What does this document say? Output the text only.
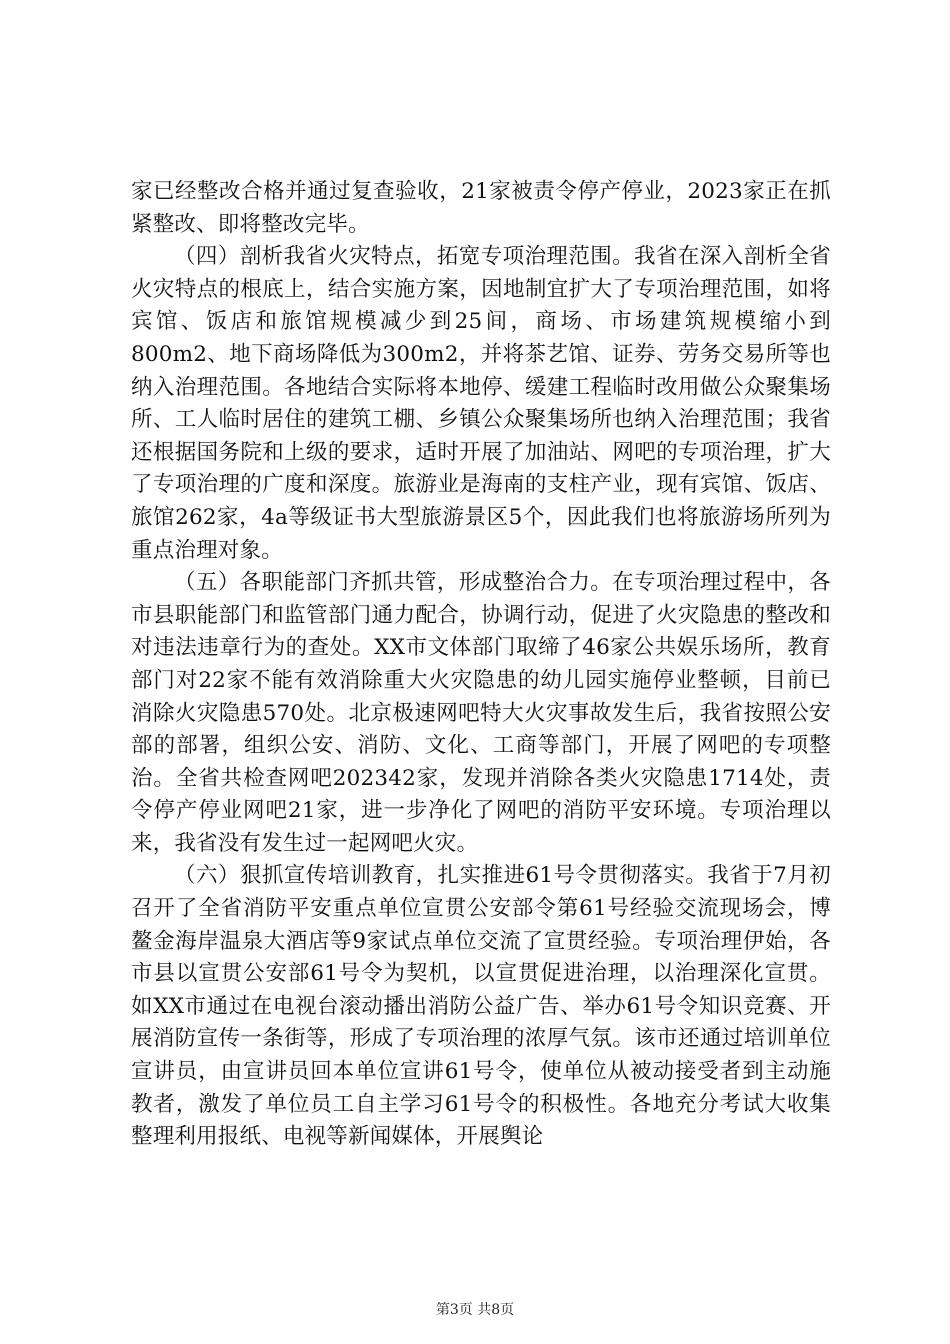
家已经整改合格并通过复查验收，21家被责令停产停业，2023家正在抓紧整改、即将整改完毕。

（四）剖析我省火灾特点，拓宽专项治理范围。我省在深入剖析全省火灾特点的根底上，结合实施方案，因地制宜扩大了专项治理范围，如将宾馆、饭店和旅馆规模减少到25间，商场、市场建筑规模缩小到800m2、地下商场降低为300m2，并将茶艺馆、证券、劳务交易所等也纳入治理范围。各地结合实际将本地停、缓建工程临时改用做公众聚集场所、工人临时居住的建筑工棚、乡镇公众聚集场所也纳入治理范围；我省还根据国务院和上级的要求，适时开展了加油站、网吧的专项治理，扩大了专项治理的广度和深度。旅游业是海南的支柱产业，现有宾馆、饭店、旅馆262家，4a等级证书大型旅游景区5个，因此我们也将旅游场所列为重点治理对象。

（五）各职能部门齐抓共管，形成整治合力。在专项治理过程中，各市县职能部门和监管部门通力配合，协调行动，促进了火灾隐患的整改和对违法违章行为的查处。XX市文体部门取缔了46家公共娱乐场所，教育部门对22家不能有效消除重大火灾隐患的幼儿园实施停业整顿，目前已消除火灾隐患570处。北京极速网吧特大火灾事故发生后，我省按照公安部的部署，组织公安、消防、文化、工商等部门，开展了网吧的专项整治。全省共检查网吧202342家，发现并消除各类火灾隐患1714处，责令停产停业网吧21家，进一步净化了网吧的消防平安环境。专项治理以来，我省没有发生过一起网吧火灾。

（六）狠抓宣传培训教育，扎实推进61号令贯彻落实。我省于7月初召开了全省消防平安重点单位宣贯公安部令第61号经验交流现场会，博鳌金海岸温泉大酒店等9家试点单位交流了宣贯经验。专项治理伊始，各市县以宣贯公安部61号令为契机，以宣贯促进治理，以治理深化宣贯。如XX市通过在电视台滚动播出消防公益广告、举办61号令知识竞赛、开展消防宣传一条街等，形成了专项治理的浓厚气氛。该市还通过培训单位宣讲员，由宣讲员回本单位宣讲61号令，使单位从被动接受者到主动施教者，激发了单位员工自主学习61号令的积极性。各地充分考试大收集整理利用报纸、电视等新闻媒体，开展舆论

第3页 共8页
